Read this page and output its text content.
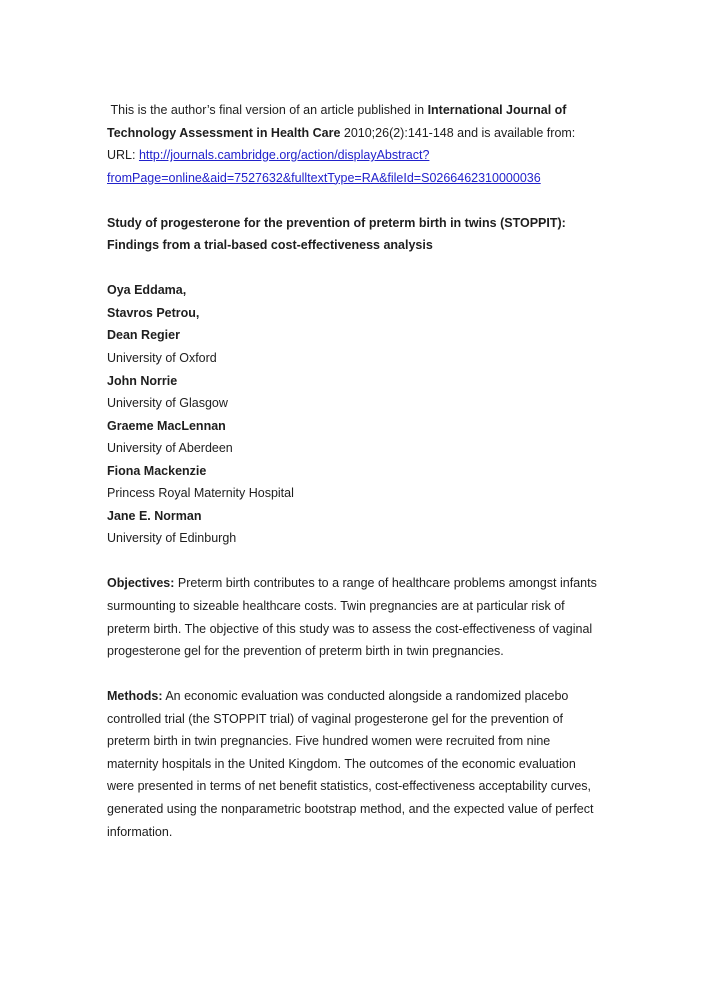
This is the author’s final version of an article published in International Journal of Technology Assessment in Health Care 2010;26(2):141-148 and is available from: URL: http://journals.cambridge.org/action/displayAbstract?fromPage=online&aid=7527632&fulltextType=RA&fileId=S0266462310000036

Study of progesterone for the prevention of preterm birth in twins (STOPPIT): Findings from a trial-based cost-effectiveness analysis

Oya Eddama,
Stavros Petrou,
Dean Regier
University of Oxford
John Norrie
University of Glasgow
Graeme MacLennan
University of Aberdeen
Fiona Mackenzie
Princess Royal Maternity Hospital
Jane E. Norman
University of Edinburgh

Objectives: Preterm birth contributes to a range of healthcare problems amongst infants surmounting to sizeable healthcare costs. Twin pregnancies are at particular risk of preterm birth. The objective of this study was to assess the cost-effectiveness of vaginal progesterone gel for the prevention of preterm birth in twin pregnancies.

Methods: An economic evaluation was conducted alongside a randomized placebo controlled trial (the STOPPIT trial) of vaginal progesterone gel for the prevention of preterm birth in twin pregnancies. Five hundred women were recruited from nine maternity hospitals in the United Kingdom. The outcomes of the economic evaluation were presented in terms of net benefit statistics, cost-effectiveness acceptability curves, generated using the nonparametric bootstrap method, and the expected value of perfect information.
